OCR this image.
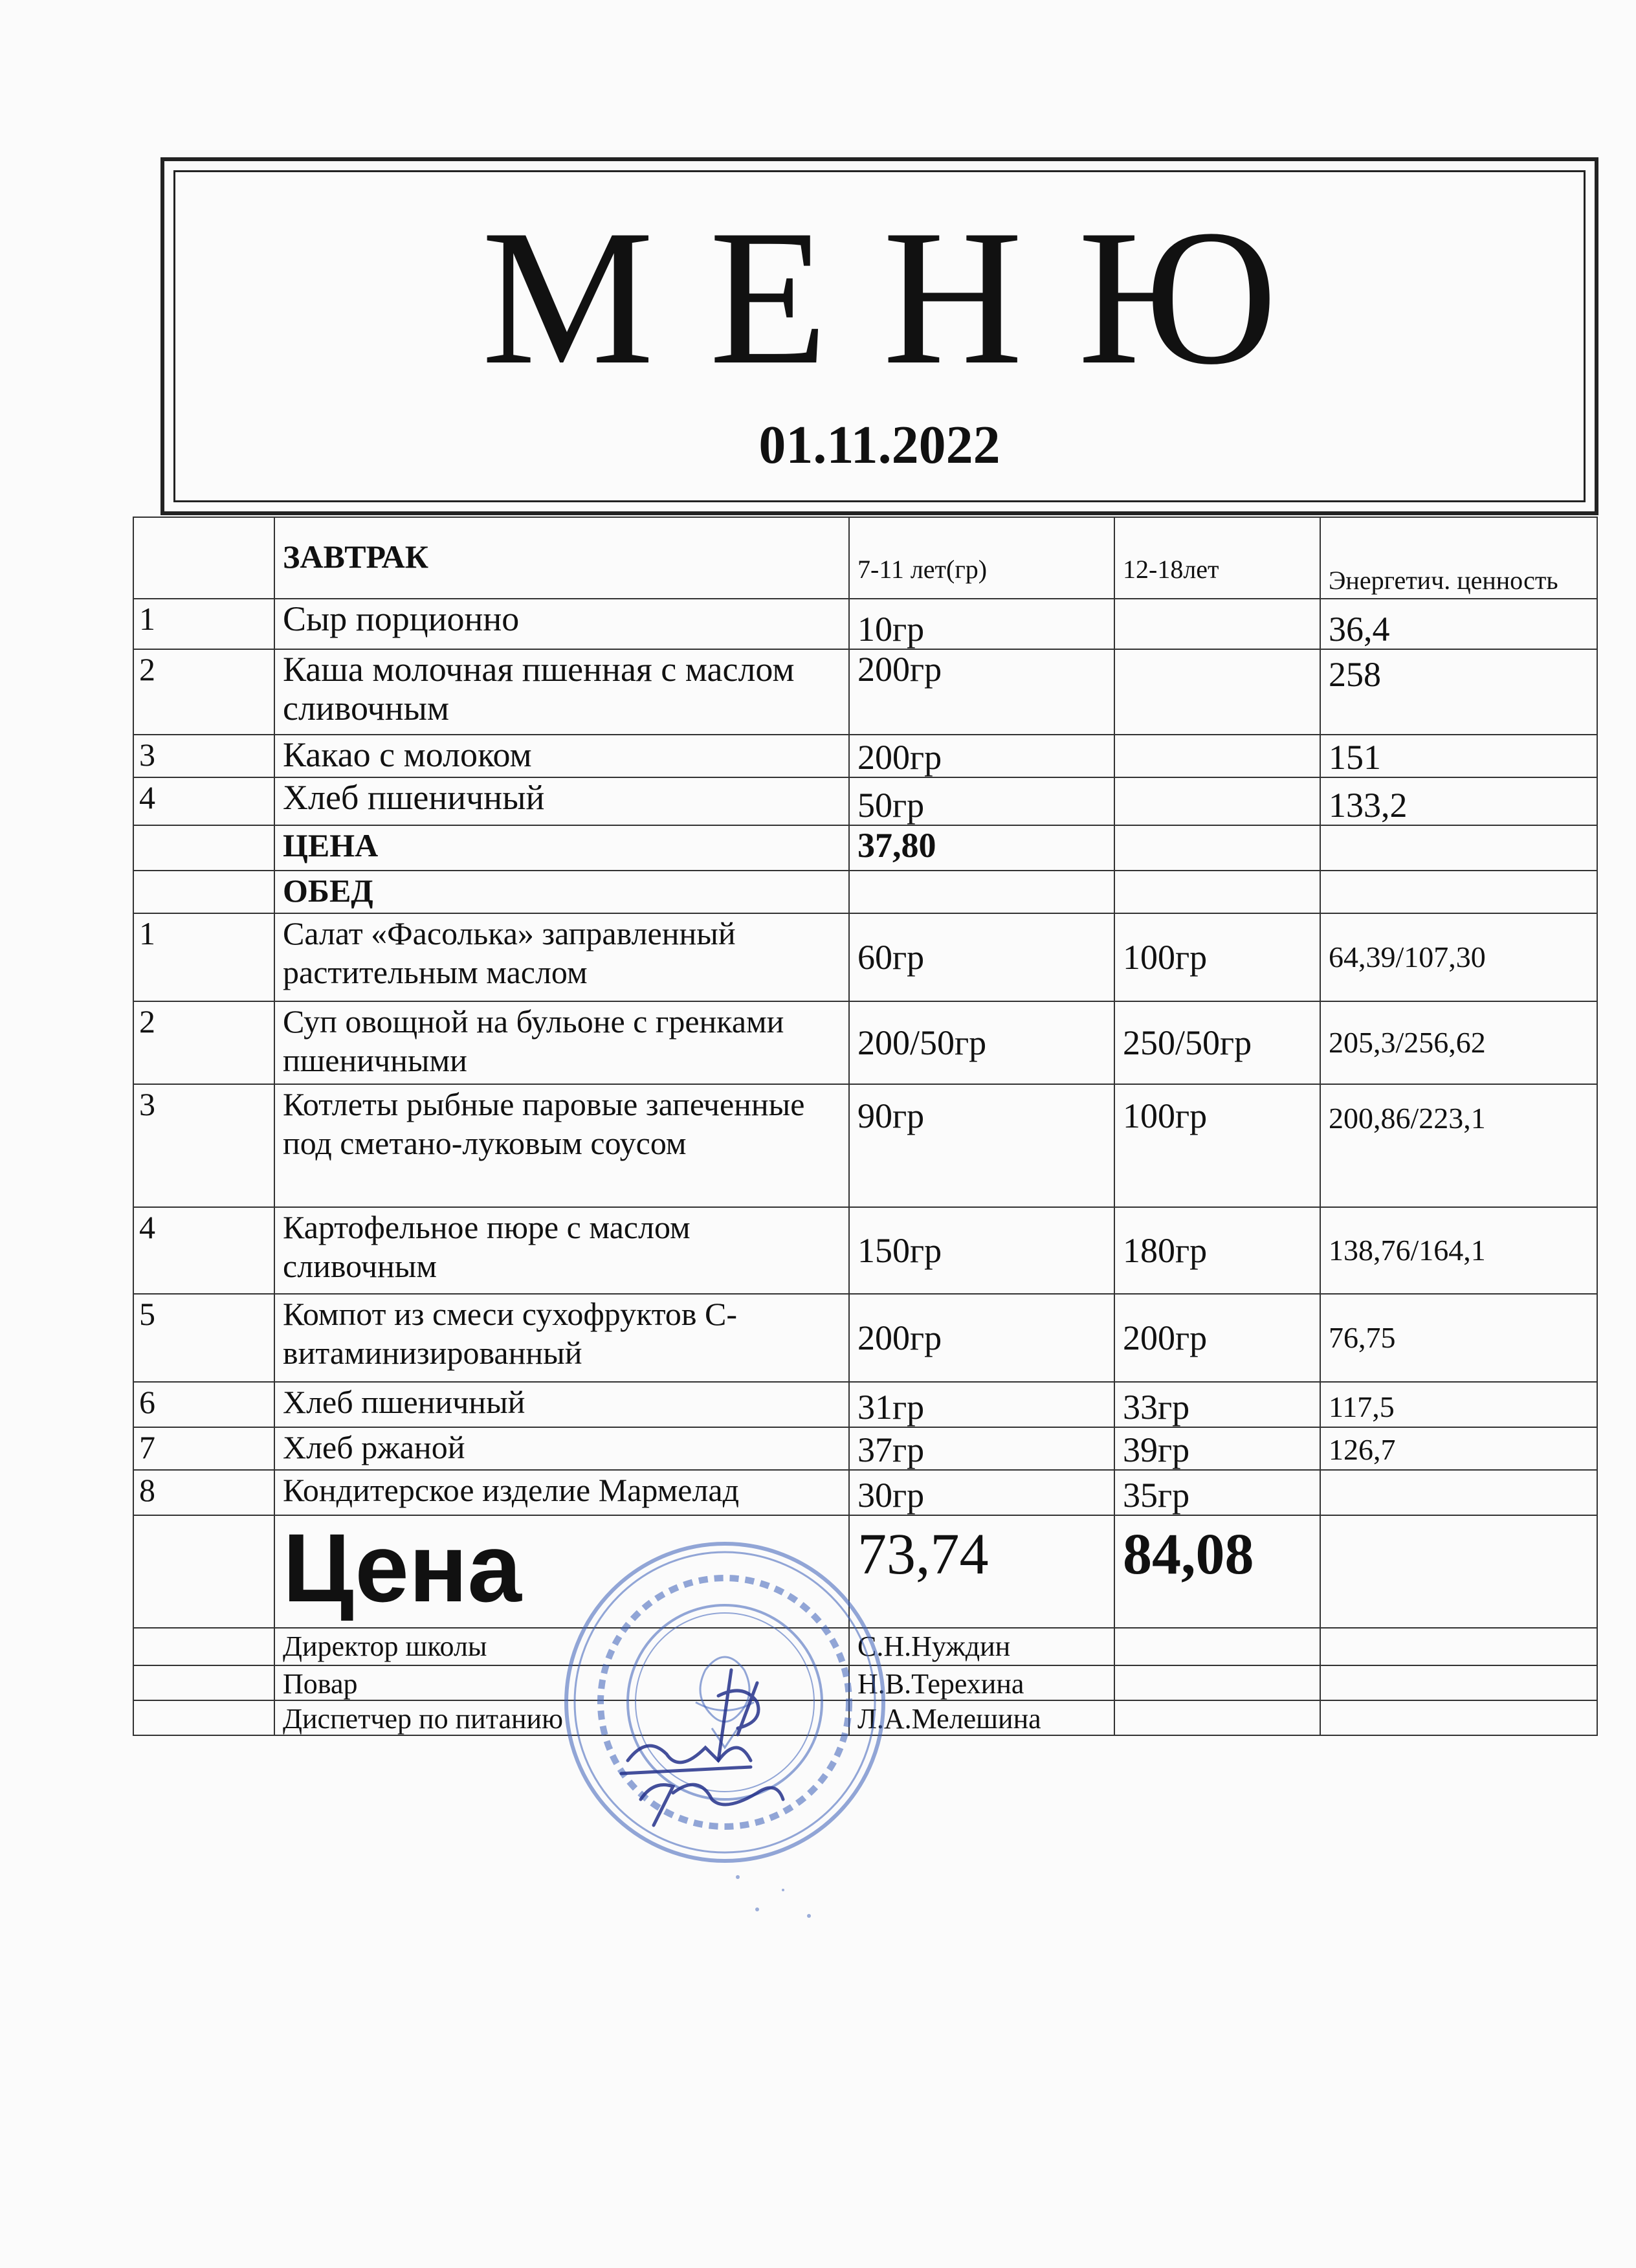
М Е Н Ю
01.11.2022
	ЗАВТРАК	7-11 лет(гр)	12-18лет	Энергетич. ценность
1	Сыр порционно	10гр		36,4
2	Каша молочная пшенная с маслом сливочным	200гр		258
3	Какао с молоком	200гр		151
4	Хлеб пшеничный	50гр		133,2
	ЦЕНА	37,80		
	ОБЕД			
1	Салат «Фасолька» заправленный растительным маслом	60гр	100гр	64,39/107,30
2	Суп овощной на бульоне с гренками пшеничными	200/50гр	250/50гр	205,3/256,62
3	Котлеты рыбные паровые запеченные под сметано-луковым соусом	90гр	100гр	200,86/223,1
4	Картофельное пюре с маслом сливочным	150гр	180гр	138,76/164,1
5	Компот из смеси сухофруктов С-витаминизированный	200гр	200гр	76,75
6	Хлеб пшеничный	31гр	33гр	117,5
7	Хлеб ржаной	37гр	39гр	126,7
8	Кондитерское изделие Мармелад	30гр	35гр	
	Цена	73,74	84,08	
	Директор школы	С.Н.Нуждин		
	Повар	Н.В.Терехина		
	Диспетчер по питанию	Л.А.Мелешина		
